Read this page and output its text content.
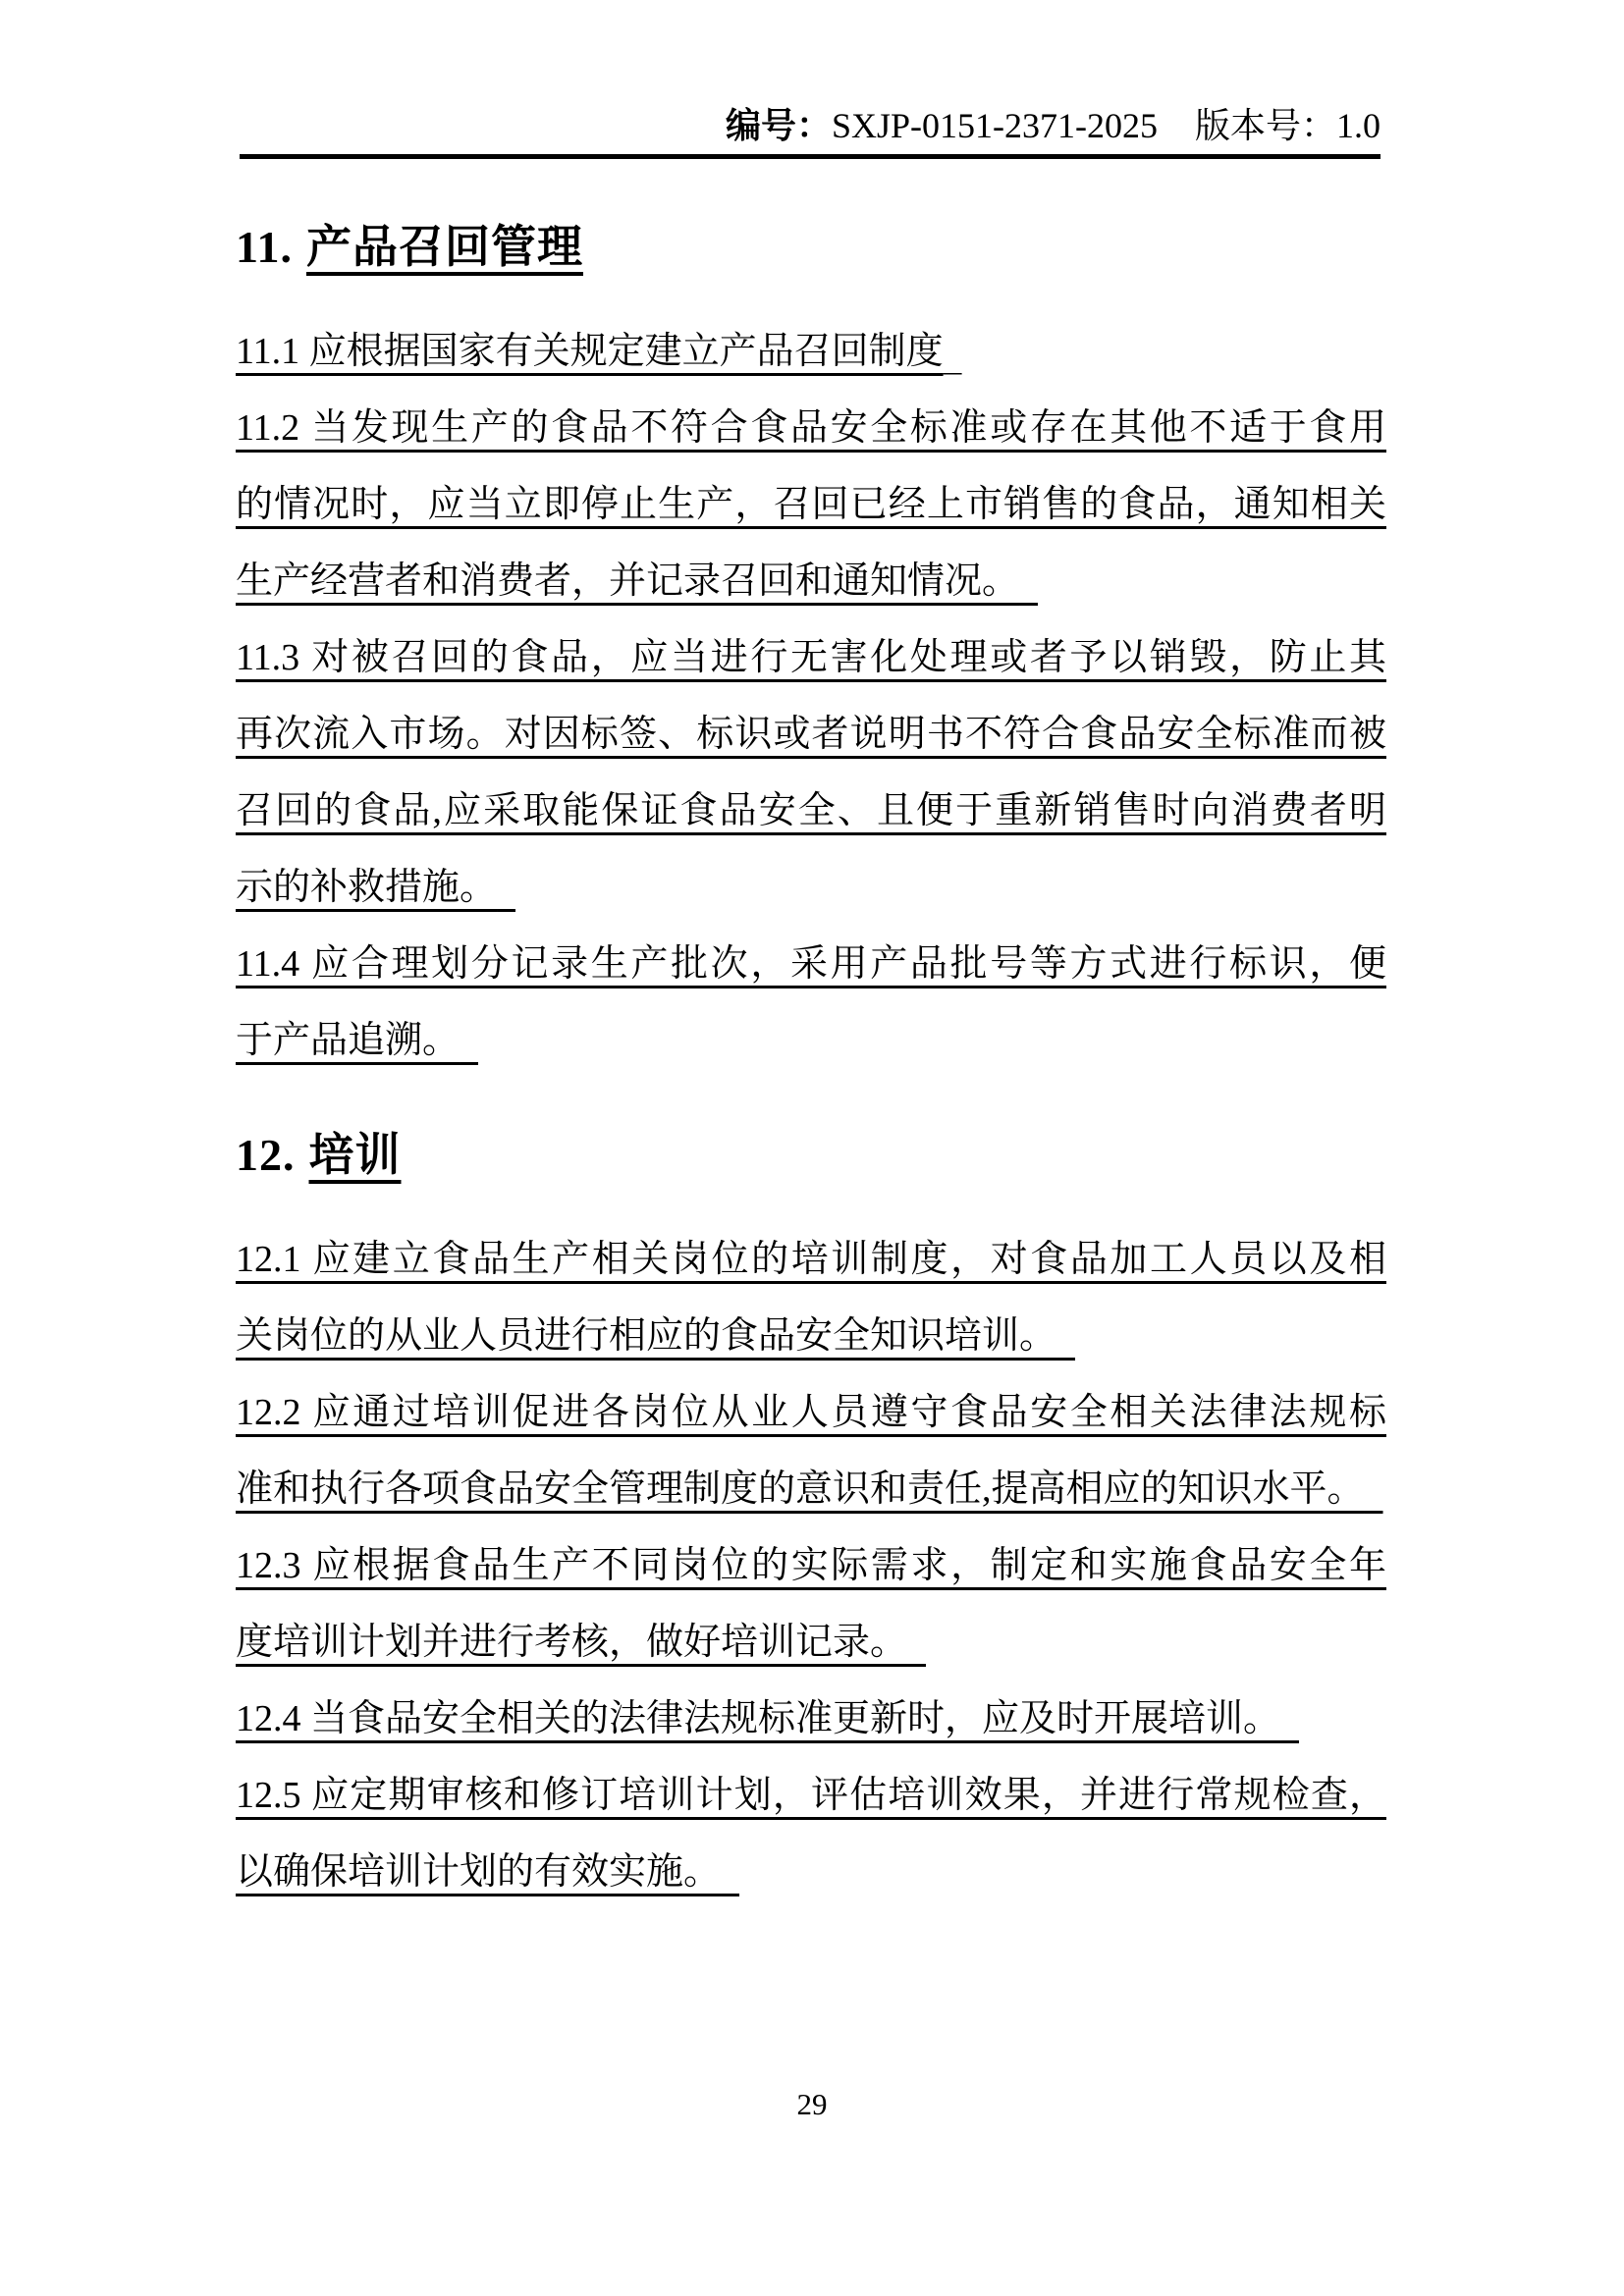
编号：SXJP-0151-2371-2025 版本号：1.0
11. 产品召回管理
11.1 应根据国家有关规定建立产品召回制度
11.2 当发现生产的食品不符合食品安全标准或存在其他不适于食用
的情况时，应当立即停止生产，召回已经上市销售的食品，通知相关
生产经营者和消费者，并记录召回和通知情况。
11.3 对被召回的食品，应当进行无害化处理或者予以销毁，防止其
再次流入市场。对因标签、标识或者说明书不符合食品安全标准而被
召回的食品,应采取能保证食品安全、且便于重新销售时向消费者明
示的补救措施。
11.4 应合理划分记录生产批次，采用产品批号等方式进行标识，便
于产品追溯。
12. 培训
12.1 应建立食品生产相关岗位的培训制度，对食品加工人员以及相
关岗位的从业人员进行相应的食品安全知识培训。
12.2 应通过培训促进各岗位从业人员遵守食品安全相关法律法规标
准和执行各项食品安全管理制度的意识和责任,提高相应的知识水平。
12.3 应根据食品生产不同岗位的实际需求，制定和实施食品安全年
度培训计划并进行考核，做好培训记录。
12.4 当食品安全相关的法律法规标准更新时，应及时开展培训。
12.5 应定期审核和修订培训计划，评估培训效果，并进行常规检查，
以确保培训计划的有效实施。
29
